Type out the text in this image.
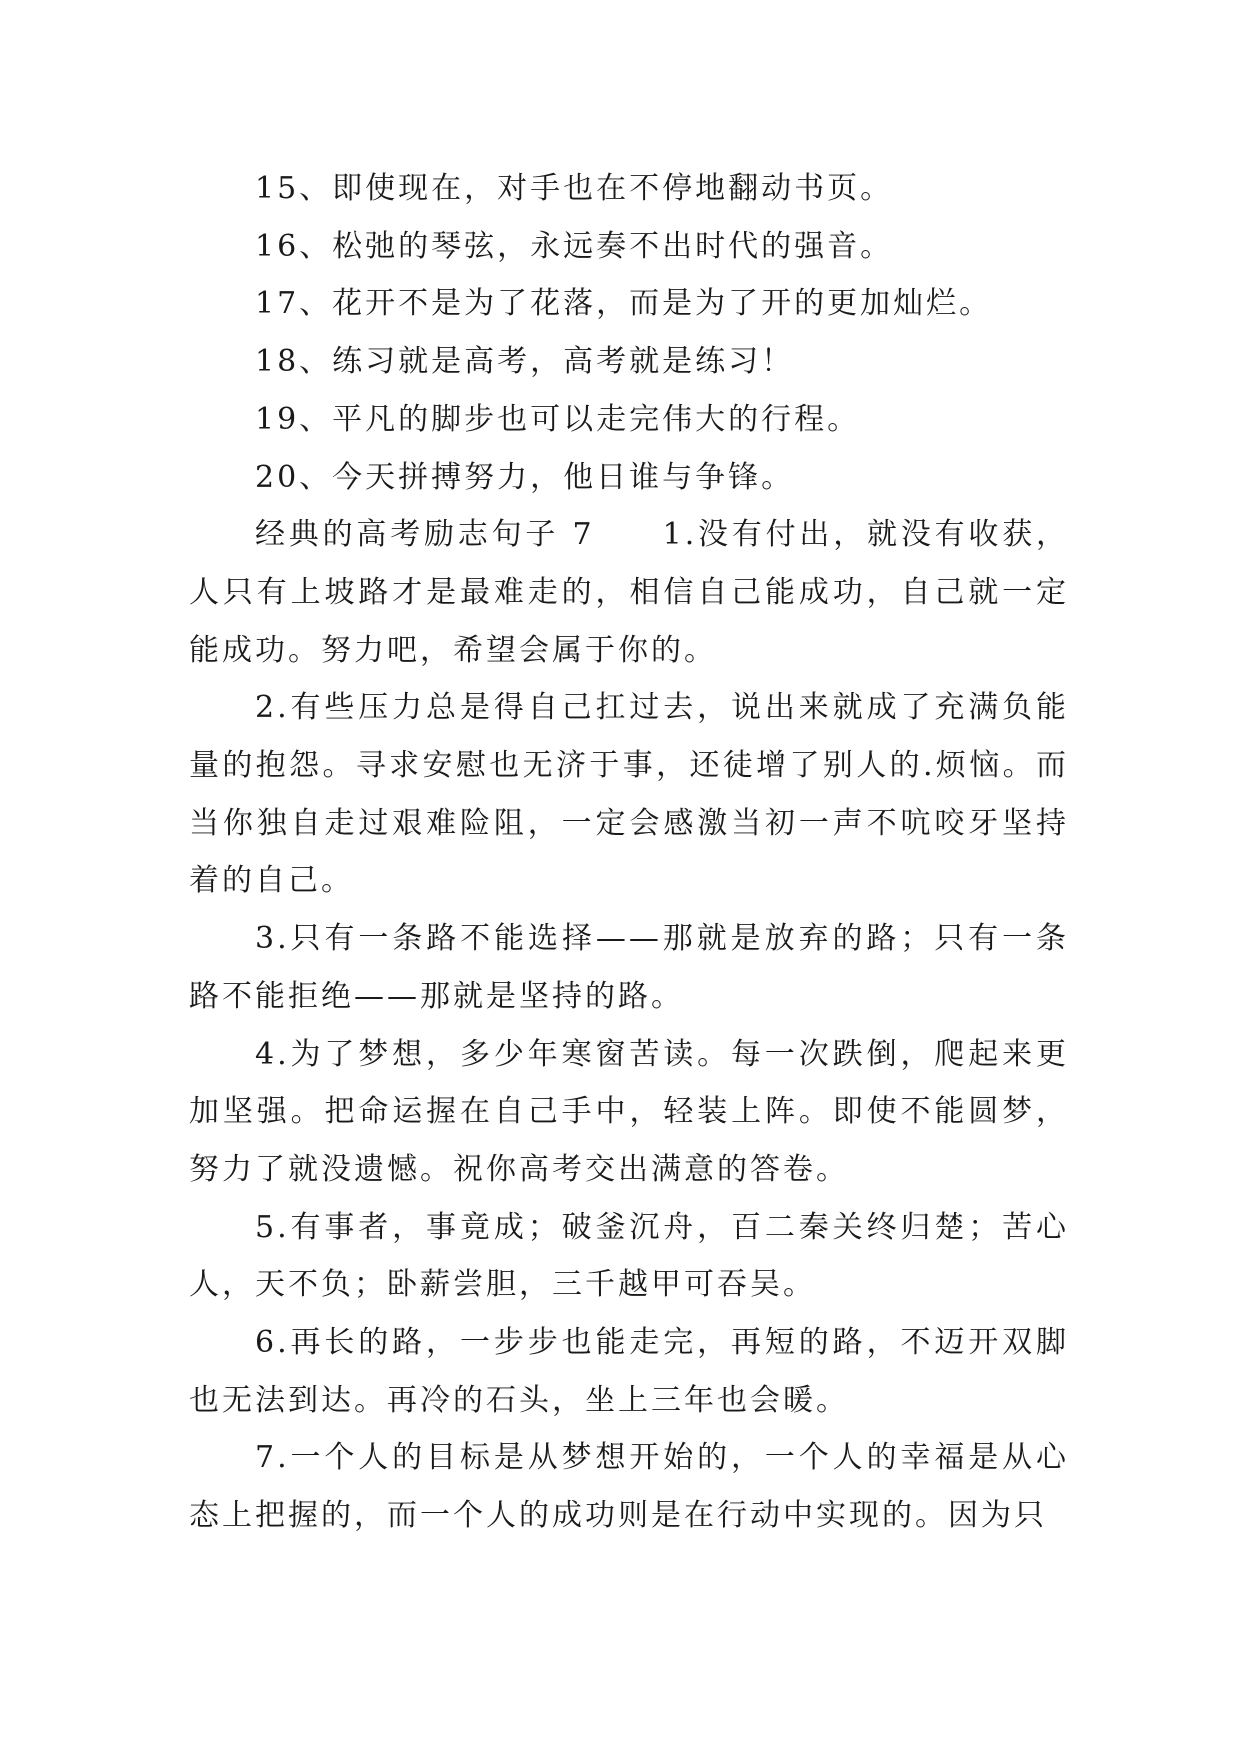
15、即使现在，对手也在不停地翻动书页。

16、松弛的琴弦，永远奏不出时代的强音。

17、花开不是为了花落，而是为了开的更加灿烂。

18、练习就是高考，高考就是练习！

19、平凡的脚步也可以走完伟大的行程。

20、今天拼搏努力，他日谁与争锋。

经典的高考励志句子 7 1.没有付出，就没有收获，人只有上坡路才是最难走的，相信自己能成功，自己就一定能成功。努力吧，希望会属于你的。

2.有些压力总是得自己扛过去，说出来就成了充满负能量的抱怨。寻求安慰也无济于事，还徒增了别人的.烦恼。而当你独自走过艰难险阻，一定会感激当初一声不吭咬牙坚持着的自己。

3.只有一条路不能选择——那就是放弃的路；只有一条路不能拒绝——那就是坚持的路。

4.为了梦想，多少年寒窗苦读。每一次跌倒，爬起来更加坚强。把命运握在自己手中，轻装上阵。即使不能圆梦，努力了就没遗憾。祝你高考交出满意的答卷。

5.有事者，事竟成；破釜沉舟，百二秦关终归楚；苦心人，天不负；卧薪尝胆，三千越甲可吞吴。

6.再长的路，一步步也能走完，再短的路，不迈开双脚也无法到达。再冷的石头，坐上三年也会暖。

7.一个人的目标是从梦想开始的，一个人的幸福是从心态上把握的，而一个人的成功则是在行动中实现的。因为只
